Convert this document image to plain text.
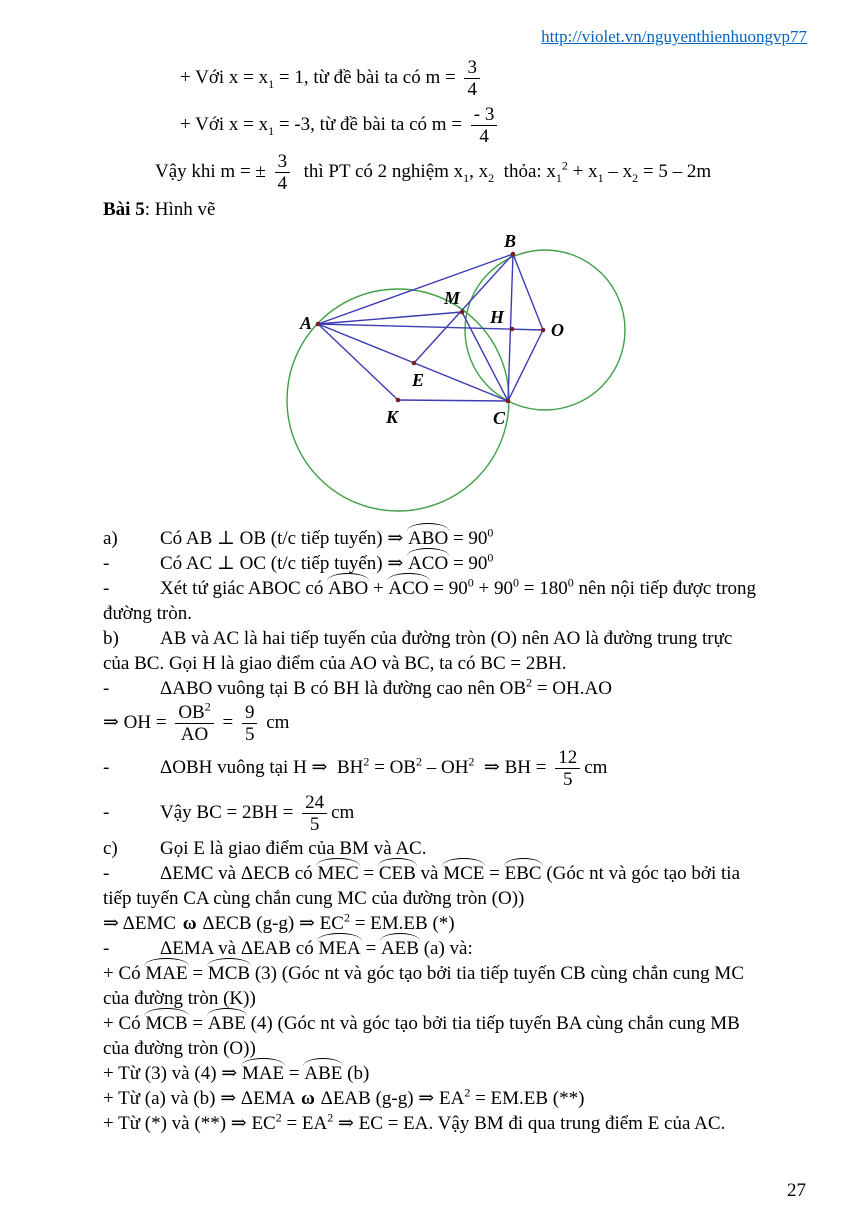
http://violet.vn/nguyenthienhuongvp77
+ Với $x = x_1 = 1$, từ đề bài ta có $m = \frac{3}{4}$
+ Với $x = x_1 = -3$, từ đề bài ta có $m = \frac{- 3}{4}$
Vậy khi m = ± $\frac{3}{4}$ thì PT có 2 nghiệm $x_1$, $x_2$  thỏa: $x_1^2 + x_1 - x_2 = 5 - 2m$
Bài 5: Hình vẽ
A
B
M
H
O
E
K	C
a) Có AB ⊥ OB (t/c tiếp tuyến) ⇒ ABO = $90^0$
-	Có AC ⊥ OC (t/c tiếp tuyến) ⇒ ACO = $90^0$
-	Xét tứ giác ABOC có ABO + ACO = $90^0 + 90^0 = 180^0$ nên nội tiếp được trong
đường tròn.
b) AB và AC là hai tiếp tuyến của đường tròn (O) nên AO là đường trung trực
của BC. Gọi H là giao điểm của AO và BC, ta có BC = 2BH.
-	ΔABO vuông tại B có BH là đường cao nên $OB^2 = OH.AO$
⇒ OH = $\frac{OB^2}{AO} = \frac{9}{5}$ cm
-	ΔOBH vuông tại H ⇒  $BH^2 = OB^2 - OH^2$  ⇒ BH = $\frac{12}{5}$ cm
-	Vậy BC = $2BH = \frac{24}{5}$ cm
c) Gọi E là giao điểm của BM và AC.
-	ΔEMC và ΔECB có MEC = CEB và MCE = EBC (Góc nt và góc tạo bởi tia
tiếp tuyến CA cùng chắn cung MC của đường tròn (O))
⇒ ΔEMC ω ΔECB (g-g) ⇒ $EC^2 = EM.EB$ (*)
-	ΔEMA và ΔEAB có MEA = AEB (a) và:
+ Có MAE = MCB (3) (Góc nt và góc tạo bởi tia tiếp tuyến CB cùng chắn cung MC
của đường tròn (K))
+ Có MCB = ABE (4) (Góc nt và góc tạo bởi tia tiếp tuyến BA cùng chắn cung MB
của đường tròn (O))
+ Từ (3) và (4) ⇒ MAE = ABE (b)
+ Từ (a) và (b) ⇒ ΔEMA ω ΔEAB (g-g) ⇒ $EA^2 = EM.EB$ (**)
+ Từ (*) và (**) ⇒ $EC^2 = EA^2$ ⇒ EC = EA. Vậy BM đi qua trung điểm E của AC.
27
